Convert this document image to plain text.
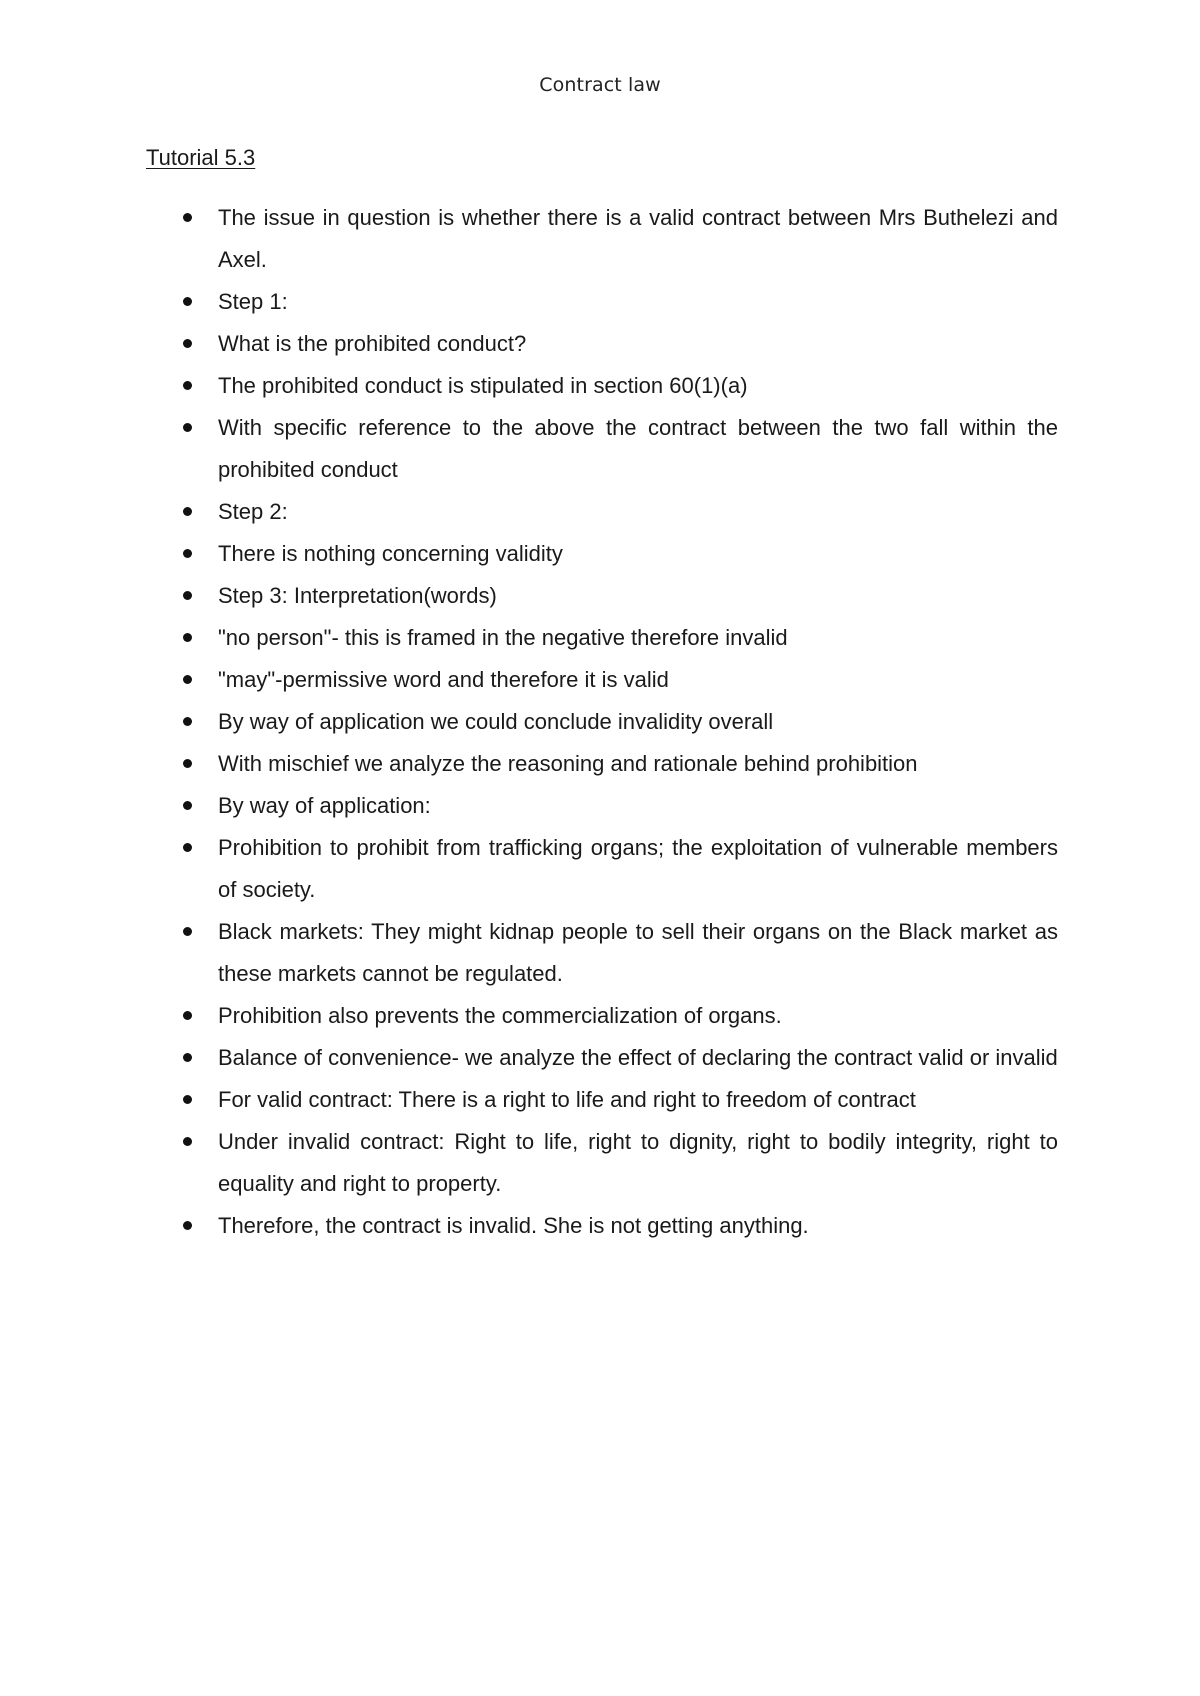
Contract law
Tutorial 5.3
The issue in question is whether there is a valid contract between Mrs Buthelezi and Axel.
Step 1:
What is the prohibited conduct?
The prohibited conduct is stipulated in section 60(1)(a)
With specific reference to the above the contract between the two fall within the prohibited conduct
Step 2:
There is nothing concerning validity
Step 3: Interpretation(words)
"no person"- this is framed in the negative therefore invalid
"may"-permissive word and therefore it is valid
By way of application we could conclude invalidity overall
With mischief we analyze the reasoning and rationale behind prohibition
By way of application:
Prohibition to prohibit from trafficking organs; the exploitation of vulnerable members of society.
Black markets: They might kidnap people to sell their organs on the Black market as these markets cannot be regulated.
Prohibition also prevents the commercialization of organs.
Balance of convenience- we analyze the effect of declaring the contract valid or invalid
For valid contract: There is a right to life and right to freedom of contract
Under invalid contract: Right to life, right to dignity, right to bodily integrity, right to equality and right to property.
Therefore, the contract is invalid. She is not getting anything.
